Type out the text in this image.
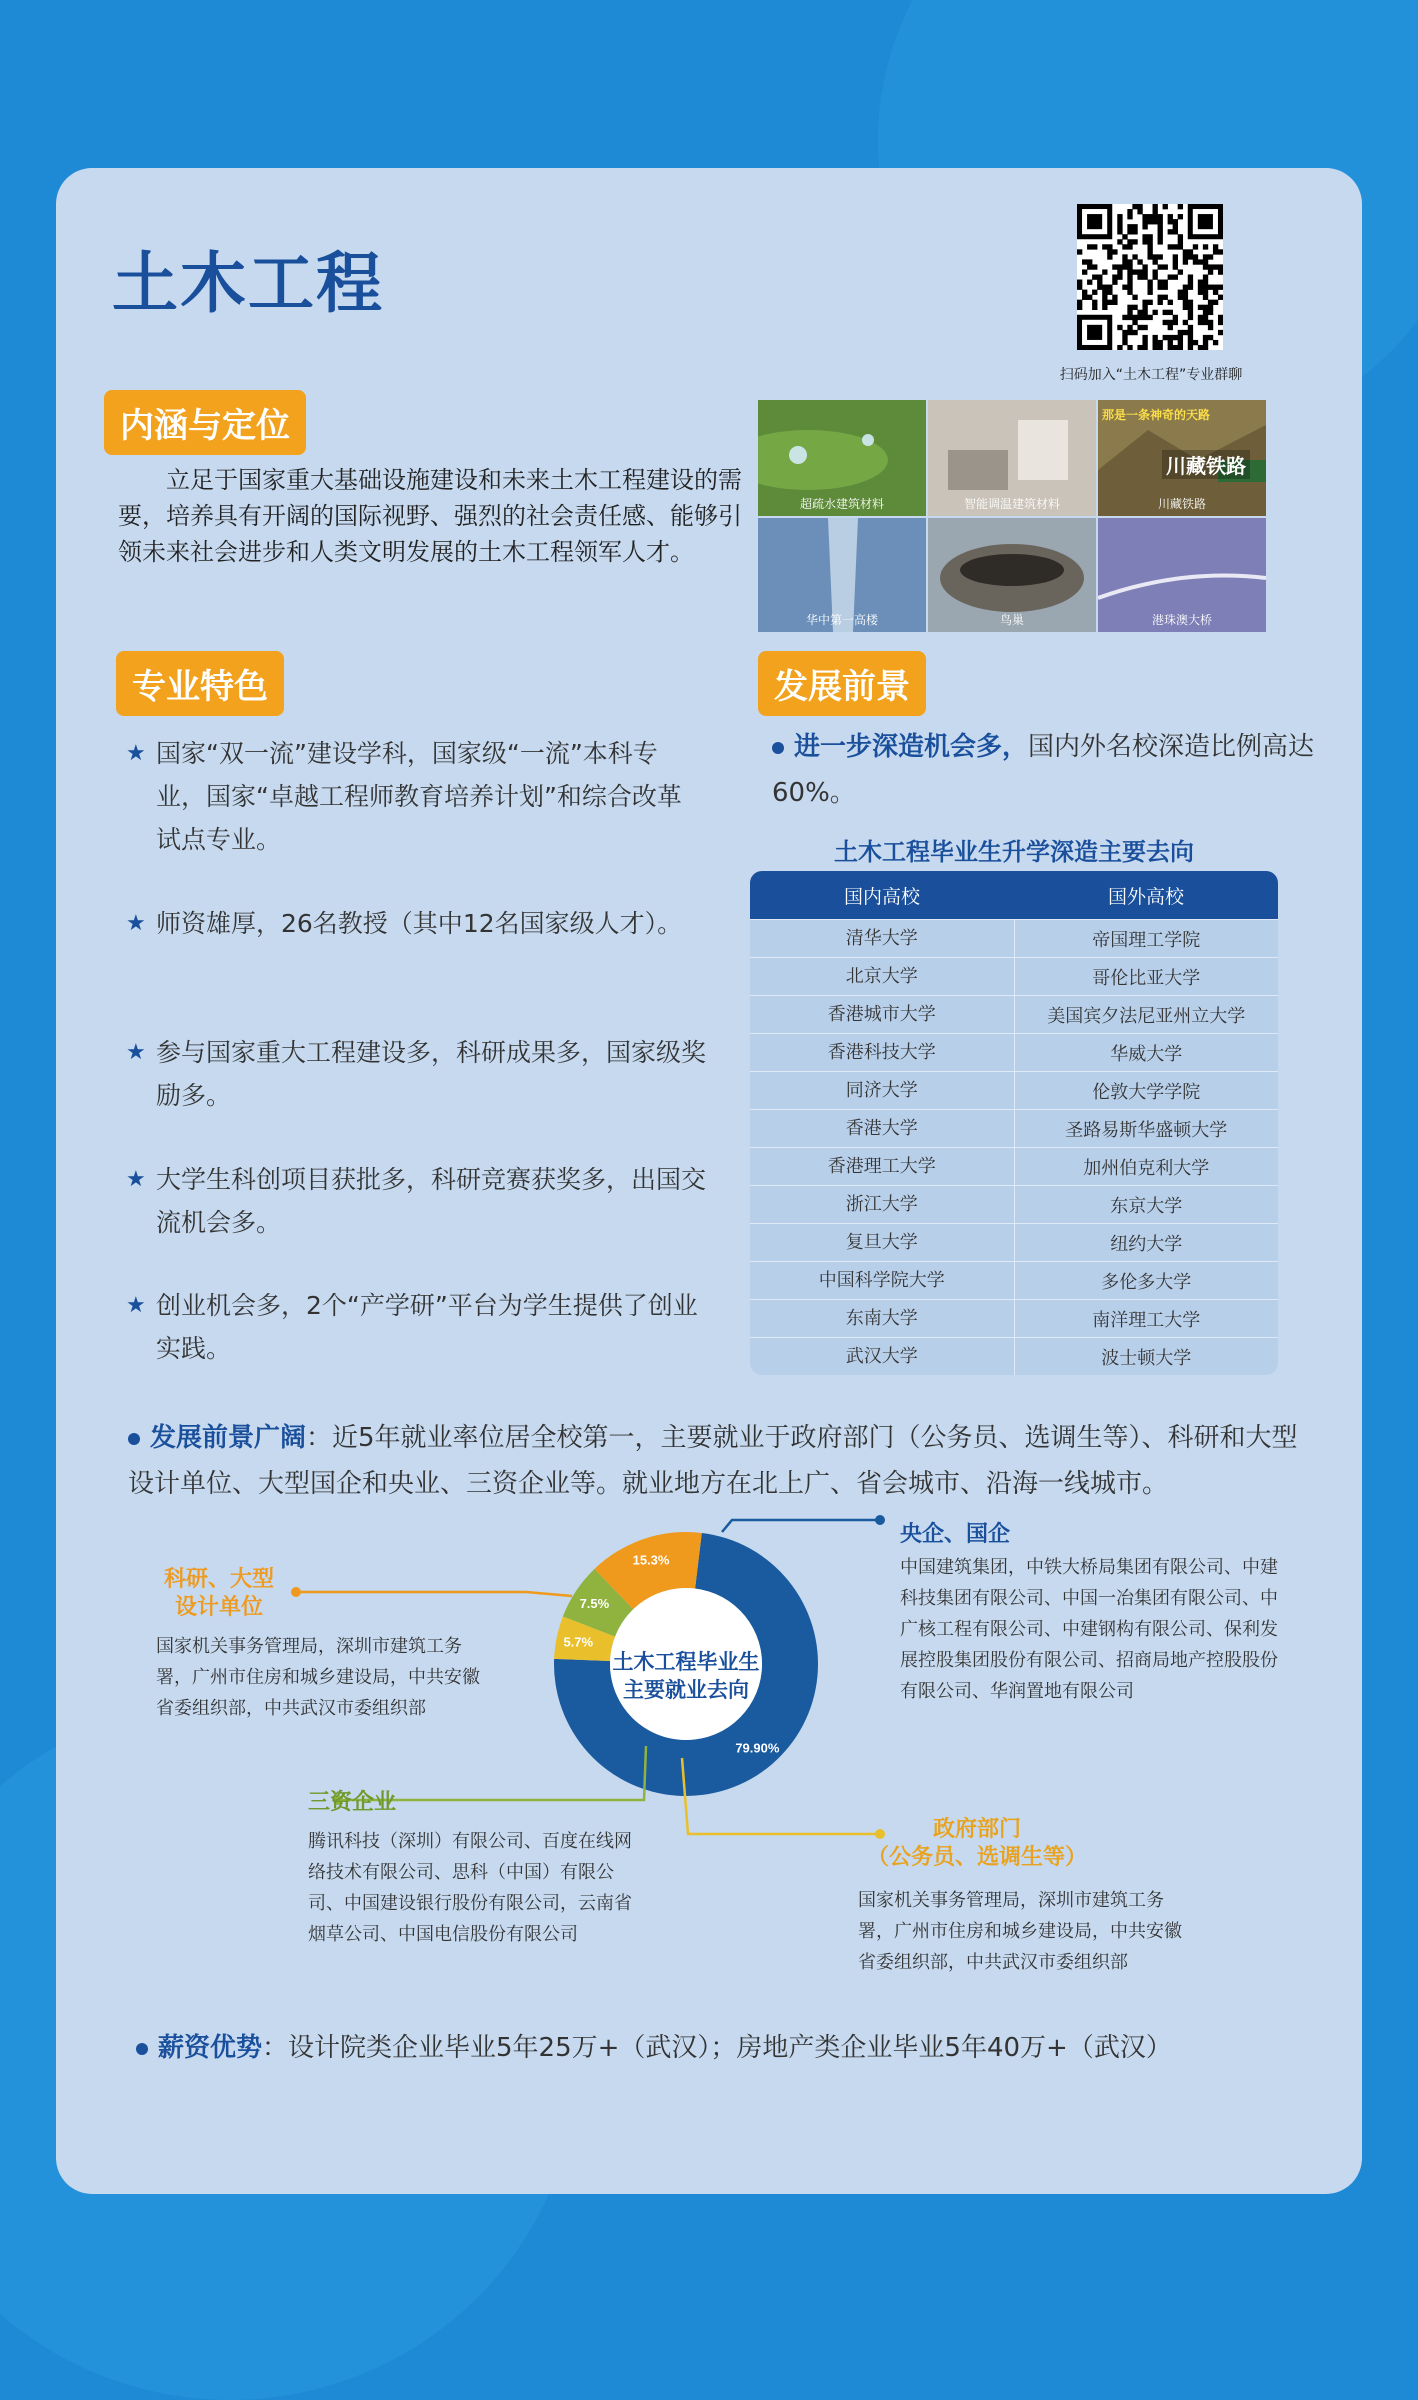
土木工程
扫码加入“土木工程”专业群聊
内涵与定位
立足于国家重大基础设施建设和未来土木工程建设的需要，培养具有开阔的国际视野、强烈的社会责任感、能够引领未来社会进步和人类文明发展的土木工程领军人才。
超疏水建筑材料	智能调温建筑材料
那是一条神奇的天路
川藏铁路
川藏铁路
华中第一高楼	鸟巢	港珠澳大桥
专业特色
★ 国家“双一流”建设学科，国家级“一流”本科专业，国家“卓越工程师教育培养计划”和综合改革试点专业。
★ 师资雄厚，26名教授（其中12名国家级人才）。
★ 参与国家重大工程建设多，科研成果多，国家级奖励多。
★ 大学生科创项目获批多，科研竞赛获奖多，出国交流机会多。
★ 创业机会多，2个“产学研”平台为学生提供了创业实践。
发展前景
进一步深造机会多，国内外名校深造比例高达60%。
土木工程毕业生升学深造主要去向
国内高校	国外高校
清华大学	帝国理工学院
北京大学	哥伦比亚大学
香港城市大学	美国宾夕法尼亚州立大学
香港科技大学	华威大学
同济大学	伦敦大学学院
香港大学	圣路易斯华盛顿大学
香港理工大学	加州伯克利大学
浙江大学	东京大学
复旦大学	纽约大学
中国科学院大学	多伦多大学
东南大学	南洋理工大学
武汉大学	波士顿大学
发展前景广阔：近5年就业率位居全校第一，主要就业于政府部门（公务员、选调生等）、科研和大型设计单位、大型国企和央业、三资企业等。就业地方在北上广、省会城市、沿海一线城市。
79.90%
5.7%
7.5%
15.3%
土木工程毕业生
主要就业去向
央企、国企
中国建筑集团，中铁大桥局集团有限公司、中建科技集团有限公司、中国一冶集团有限公司、中广核工程有限公司、中建钢构有限公司、保利发展控股集团股份有限公司、招商局地产控股股份有限公司、华润置地有限公司
科研、大型
设计单位
国家机关事务管理局，深圳市建筑工务署，广州市住房和城乡建设局，中共安徽省委组织部，中共武汉市委组织部
三资企业
腾讯科技（深圳）有限公司、百度在线网络技术有限公司、思科（中国）有限公司、中国建设银行股份有限公司，云南省烟草公司、中国电信股份有限公司
政府部门
（公务员、选调生等）
国家机关事务管理局，深圳市建筑工务署，广州市住房和城乡建设局，中共安徽省委组织部，中共武汉市委组织部
薪资优势：设计院类企业毕业5年25万+（武汉）；房地产类企业毕业5年40万+（武汉）
